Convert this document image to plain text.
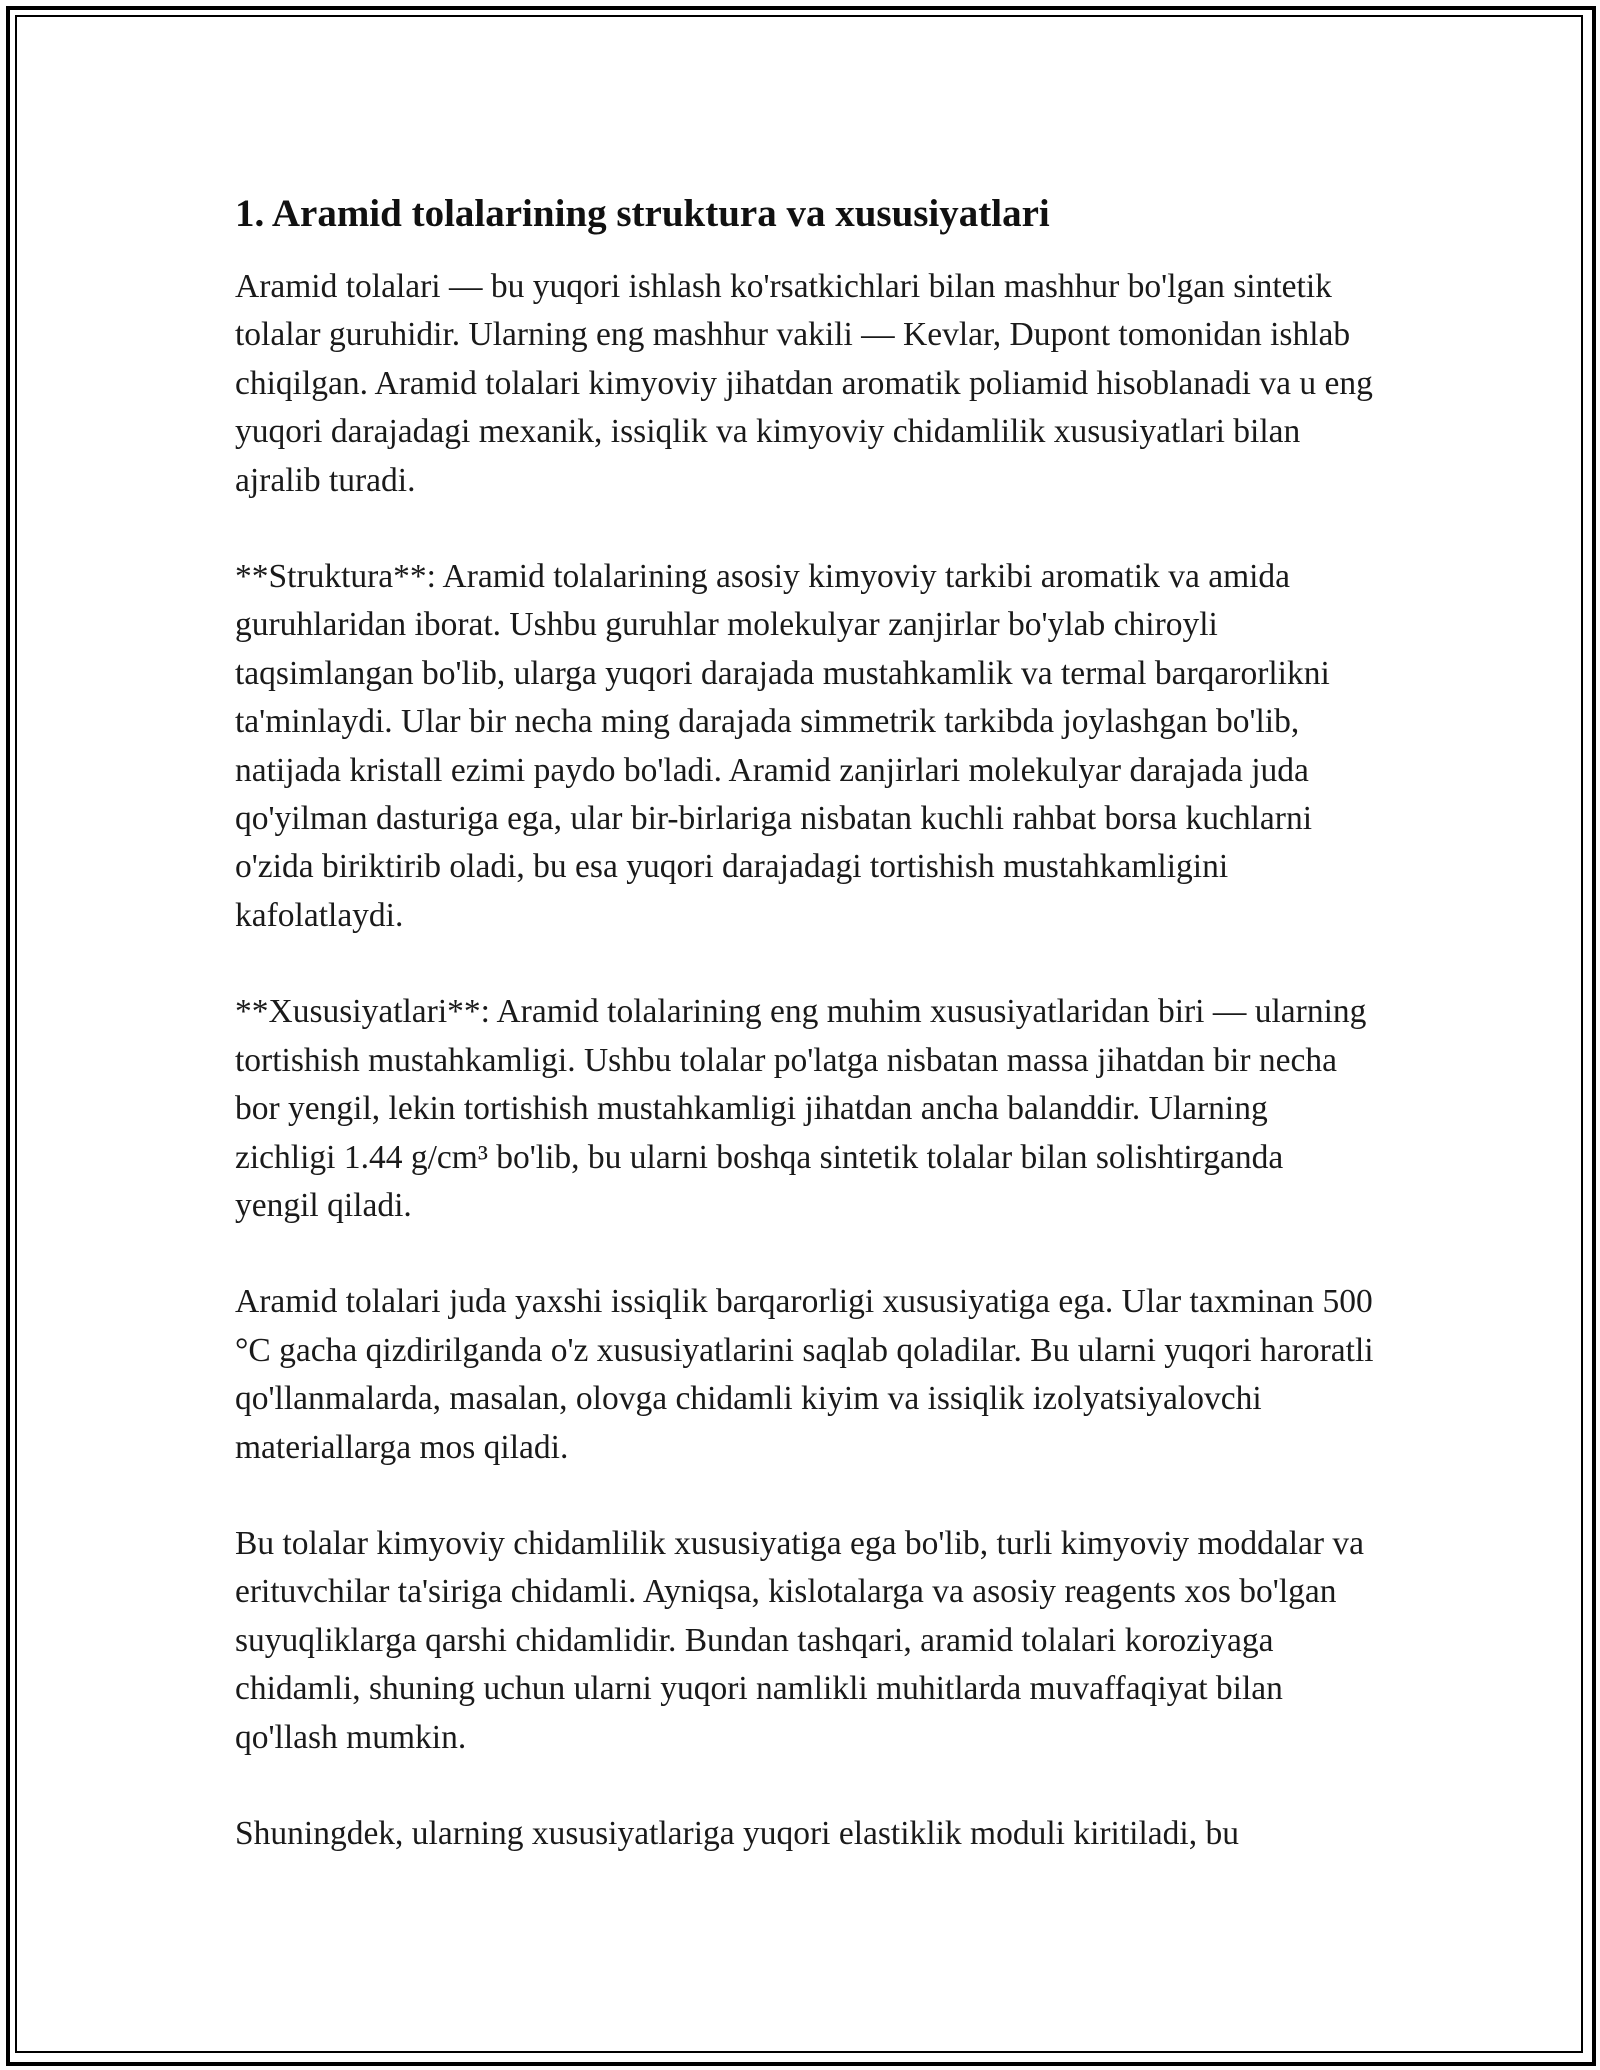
1. Aramid tolalarining struktura va xususiyatlari

Aramid tolalari — bu yuqori ishlash ko'rsatkichlari bilan mashhur bo'lgan sintetik tolalar guruhidir. Ularning eng mashhur vakili — Kevlar, Dupont tomonidan ishlab chiqilgan. Aramid tolalari kimyoviy jihatdan aromatik poliamid hisoblanadi va u eng yuqori darajadagi mexanik, issiqlik va kimyoviy chidamlilik xususiyatlari bilan ajralib turadi.

**Struktura**: Aramid tolalarining asosiy kimyoviy tarkibi aromatik va amida guruhlaridan iborat. Ushbu guruhlar molekulyar zanjirlar bo'ylab chiroyli taqsimlangan bo'lib, ularga yuqori darajada mustahkamlik va termal barqarorlikni ta'minlaydi. Ular bir necha ming darajada simmetrik tarkibda joylashgan bo'lib, natijada kristall ezimi paydo bo'ladi. Aramid zanjirlari molekulyar darajada juda qo'yilman dasturiga ega, ular bir-birlariga nisbatan kuchli rahbat borsa kuchlarni o'zida biriktirib oladi, bu esa yuqori darajadagi tortishish mustahkamligini kafolatlaydi.

**Xususiyatlari**: Aramid tolalarining eng muhim xususiyatlaridan biri — ularning tortishish mustahkamligi. Ushbu tolalar po'latga nisbatan massa jihatdan bir necha bor yengil, lekin tortishish mustahkamligi jihatdan ancha balanddir. Ularning zichligi 1.44 g/cm³ bo'lib, bu ularni boshqa sintetik tolalar bilan solishtirganda yengil qiladi.

Aramid tolalari juda yaxshi issiqlik barqarorligi xususiyatiga ega. Ular taxminan 500 °C gacha qizdirilganda o'z xususiyatlarini saqlab qoladilar. Bu ularni yuqori haroratli qo'llanmalarda, masalan, olovga chidamli kiyim va issiqlik izolyatsiyalovchi materiallarga mos qiladi.

Bu tolalar kimyoviy chidamlilik xususiyatiga ega bo'lib, turli kimyoviy moddalar va erituvchilar ta'siriga chidamli. Ayniqsa, kislotalarga va asosiy reagents xos bo'lgan suyuqliklarga qarshi chidamlidir. Bundan tashqari, aramid tolalari koroziyaga chidamli, shuning uchun ularni yuqori namlikli muhitlarda muvaffaqiyat bilan qo'llash mumkin.

Shuningdek, ularning xususiyatlariga yuqori elastiklik moduli kiritiladi, bu
